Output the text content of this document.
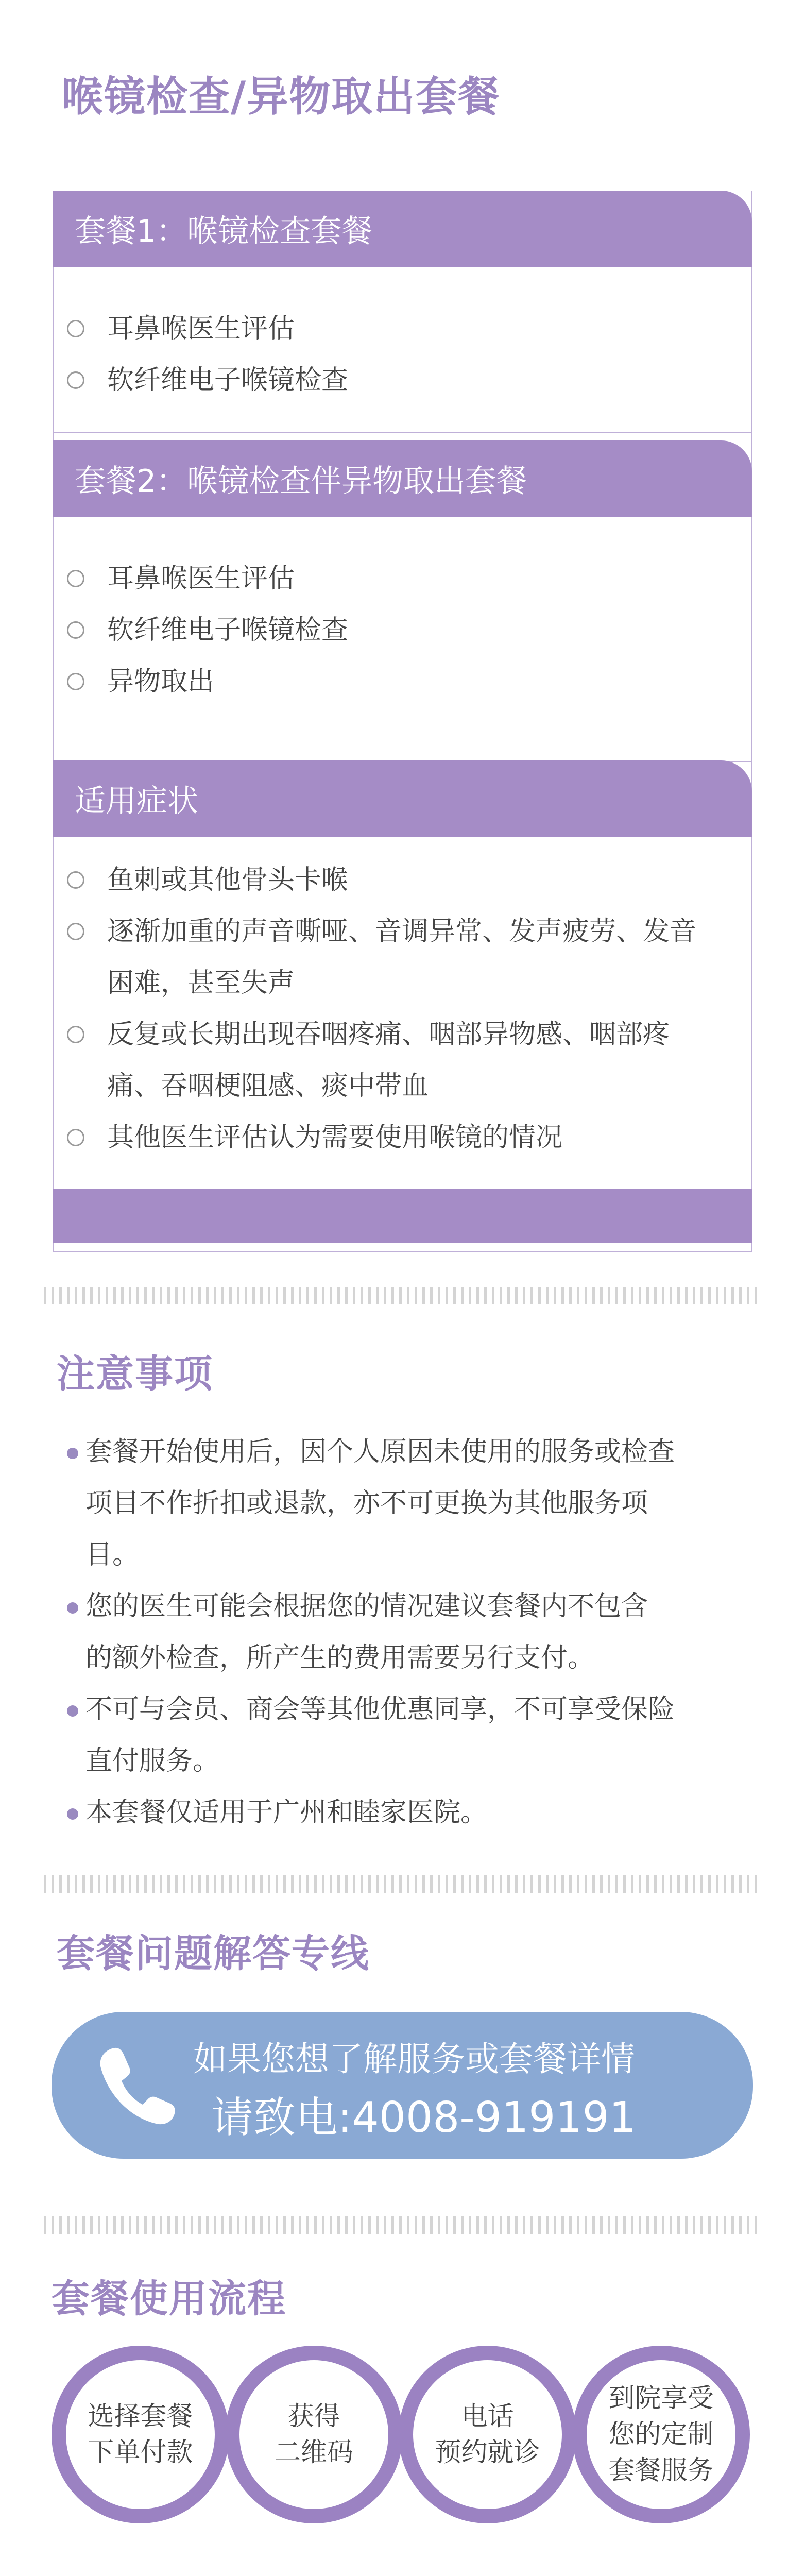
喉镜检查/异物取出套餐
套餐1：喉镜检查套餐
耳鼻喉医生评估
软纤维电子喉镜检查
套餐2：喉镜检查伴异物取出套餐
耳鼻喉医生评估
软纤维电子喉镜检查
异物取出
适用症状
鱼刺或其他骨头卡喉
逐渐加重的声音嘶哑、音调异常、发声疲劳、发音
困难，甚至失声
反复或长期出现吞咽疼痛、咽部异物感、咽部疼
痛、吞咽梗阻感、痰中带血
其他医生评估认为需要使用喉镜的情况
注意事项
套餐开始使用后，因个人原因未使用的服务或检查
项目不作折扣或退款，亦不可更换为其他服务项
目。
您的医生可能会根据您的情况建议套餐内不包含
的额外检查，所产生的费用需要另行支付。
不可与会员、商会等其他优惠同享，不可享受保险
直付服务。
本套餐仅适用于广州和睦家医院。
套餐问题解答专线
如果您想了解服务或套餐详情
请致电:4008-919191
套餐使用流程
选择套餐
下单付款
获得
二维码
电话
预约就诊
到院享受
您的定制
套餐服务
